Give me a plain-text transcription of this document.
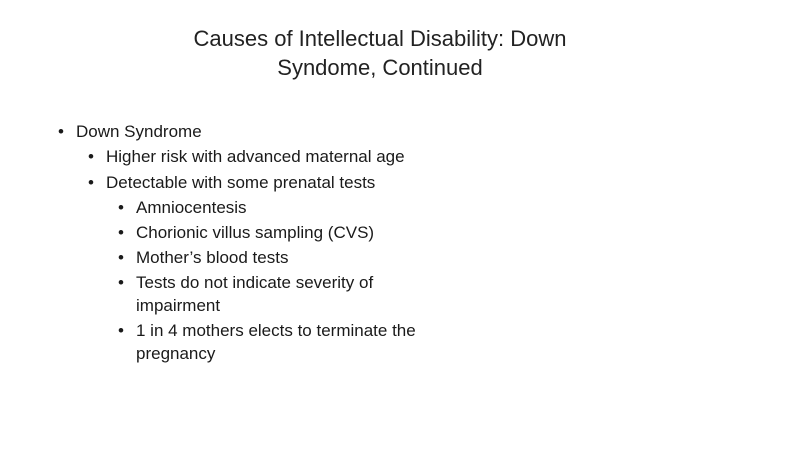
Causes of Intellectual Disability: Down Syndome, Continued

• Down Syndrome

• Higher risk with advanced maternal age

• Detectable with some prenatal tests

• Amniocentesis

• Chorionic villus sampling (CVS)

• Mother’s blood tests

• Tests do not indicate severity of impairment

• 1 in 4 mothers elects to terminate the pregnancy
